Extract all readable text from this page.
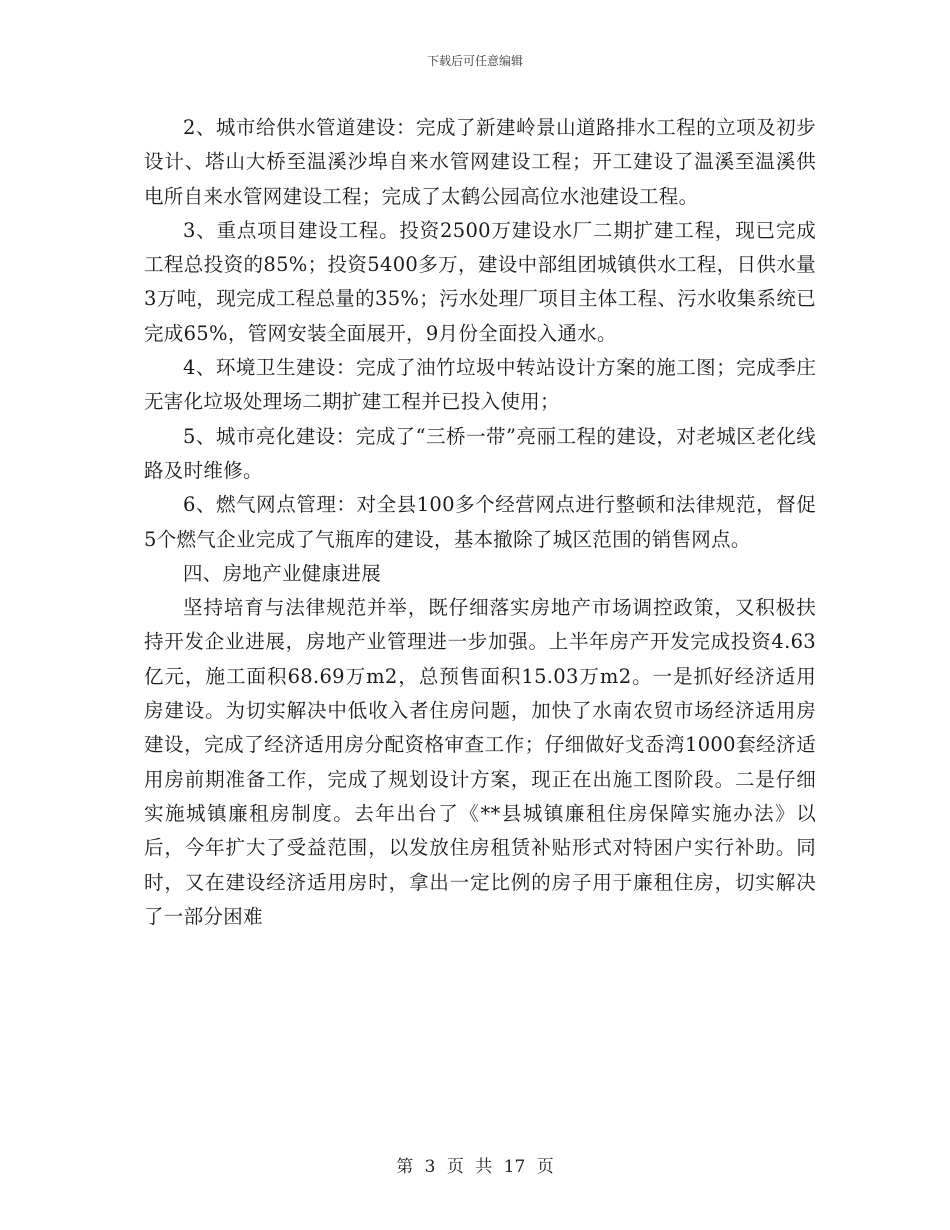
下载后可任意编辑

2、城市给供水管道建设：完成了新建岭景山道路排水工程的立项及初步设计、塔山大桥至温溪沙埠自来水管网建设工程；开工建设了温溪至温溪供电所自来水管网建设工程；完成了太鹤公园高位水池建设工程。

3、重点项目建设工程。投资2500万建设水厂二期扩建工程，现已完成工程总投资的85%；投资5400多万，建设中部组团城镇供水工程，日供水量3万吨，现完成工程总量的35%；污水处理厂项目主体工程、污水收集系统已完成65%，管网安装全面展开，9月份全面投入通水。

4、环境卫生建设：完成了油竹垃圾中转站设计方案的施工图；完成季庄无害化垃圾处理场二期扩建工程并已投入使用；

5、城市亮化建设：完成了“三桥一带”亮丽工程的建设，对老城区老化线路及时维修。

6、燃气网点管理：对全县100多个经营网点进行整顿和法律规范，督促5个燃气企业完成了气瓶库的建设，基本撤除了城区范围的销售网点。

四、房地产业健康进展

坚持培育与法律规范并举，既仔细落实房地产市场调控政策，又积极扶持开发企业进展，房地产业管理进一步加强。上半年房产开发完成投资4.63亿元，施工面积68.69万m2，总预售面积15.03万m2。一是抓好经济适用房建设。为切实解决中低收入者住房问题，加快了水南农贸市场经济适用房建设，完成了经济适用房分配资格审查工作；仔细做好戈岙湾1000套经济适用房前期准备工作，完成了规划设计方案，现正在出施工图阶段。二是仔细实施城镇廉租房制度。去年出台了《**县城镇廉租住房保障实施办法》以后，今年扩大了受益范围，以发放住房租赁补贴形式对特困户实行补助。同时，又在建设经济适用房时，拿出一定比例的房子用于廉租住房，切实解决了一部分困难

第 3 页 共 17 页
